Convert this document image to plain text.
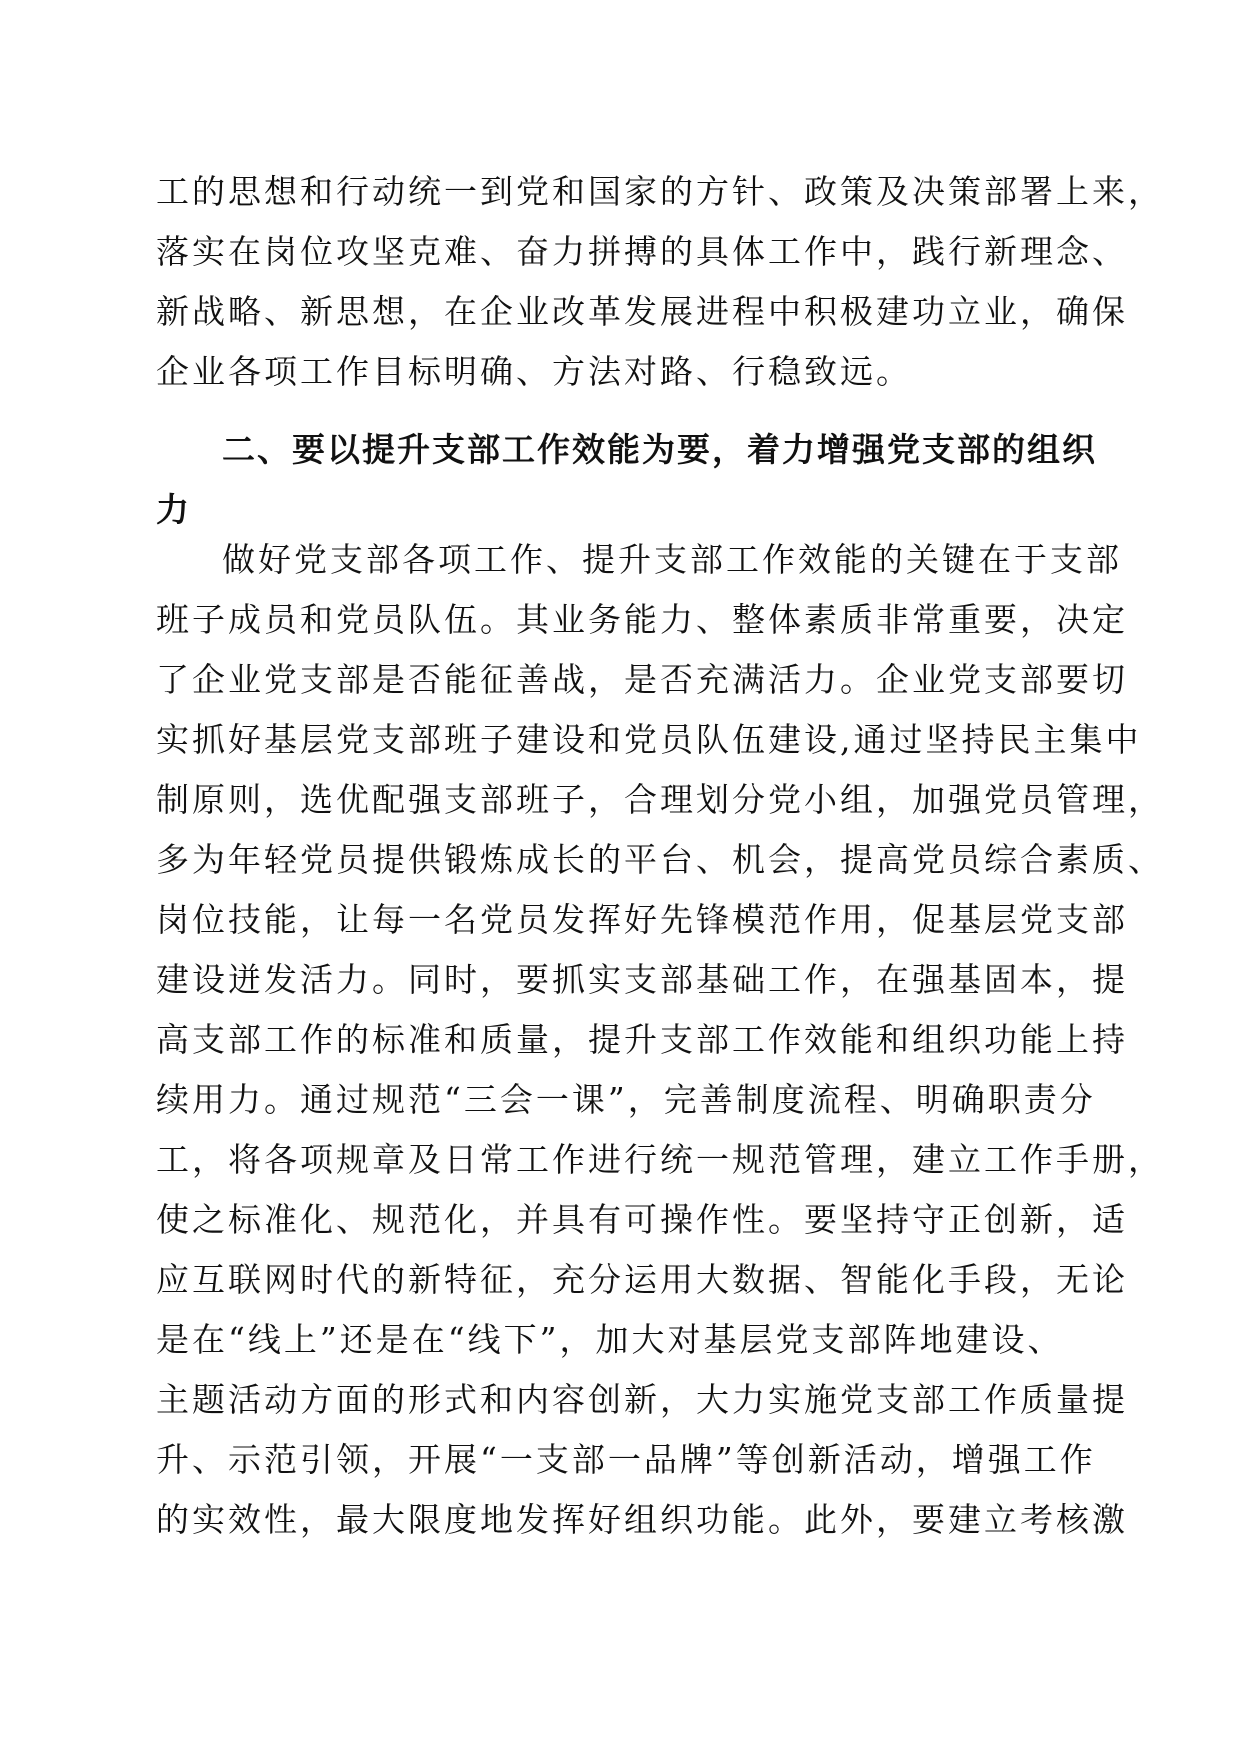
工的思想和行动统一到党和国家的方针、政策及决策部署上来，
落实在岗位攻坚克难、奋力拼搏的具体工作中，践行新理念、
新战略、新思想，在企业改革发展进程中积极建功立业，确保
企业各项工作目标明确、方法对路、行稳致远。
二、要以提升支部工作效能为要，着力增强党支部的组织
力
做好党支部各项工作、提升支部工作效能的关键在于支部
班子成员和党员队伍。其业务能力、整体素质非常重要，决定
了企业党支部是否能征善战，是否充满活力。企业党支部要切
实抓好基层党支部班子建设和党员队伍建设,通过坚持民主集中
制原则，选优配强支部班子，合理划分党小组，加强党员管理，
多为年轻党员提供锻炼成长的平台、机会，提高党员综合素质、
岗位技能，让每一名党员发挥好先锋模范作用，促基层党支部
建设迸发活力。同时，要抓实支部基础工作，在强基固本，提
高支部工作的标准和质量，提升支部工作效能和组织功能上持
续用力。通过规范“三会一课”，完善制度流程、明确职责分
工，将各项规章及日常工作进行统一规范管理，建立工作手册，
使之标准化、规范化，并具有可操作性。要坚持守正创新，适
应互联网时代的新特征，充分运用大数据、智能化手段，无论
是在“线上”还是在“线下”，加大对基层党支部阵地建设、
主题活动方面的形式和内容创新，大力实施党支部工作质量提
升、示范引领，开展“一支部一品牌”等创新活动，增强工作
的实效性，最大限度地发挥好组织功能。此外，要建立考核激
